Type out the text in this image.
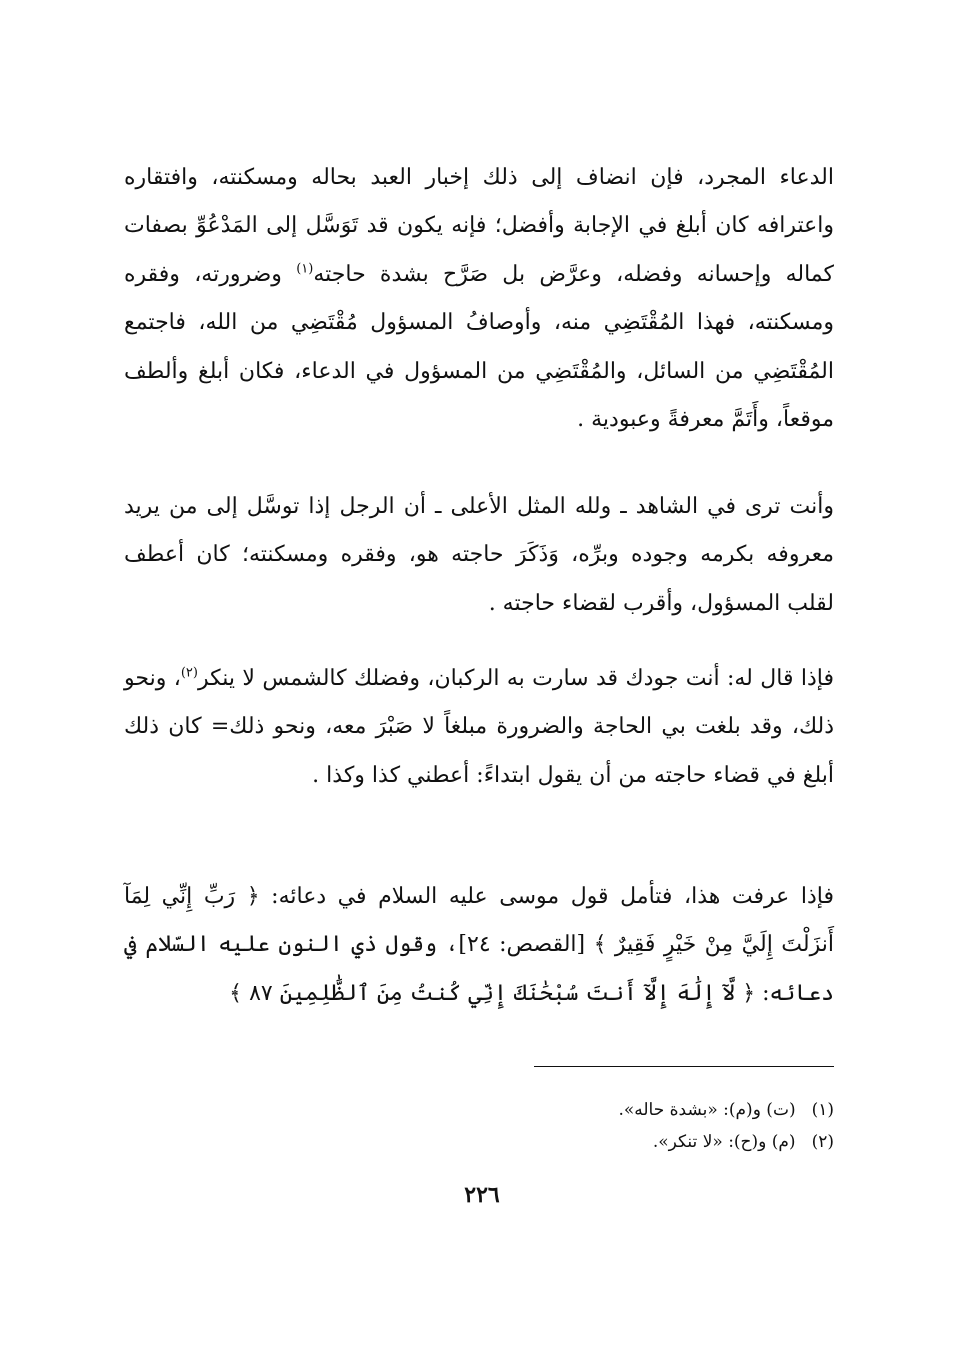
الدعاء المجرد، فإن انضاف إلى ذلك إخبار العبد بحاله ومسكنته، وافتقاره واعترافه كان أبلغ في الإجابة وأفضل؛ فإنه يكون قد تَوَسَّل إلى المَدْعُوِّ بصفات كماله وإحسانه وفضله، وعرَّض بل صَرَّح بشدة حاجته$^{(١)}$ وضرورته، وفقره ومسكنته، فهذا المُقْتَضِي منه، وأوصافُ المسؤول مُقْتَضِي من الله، فاجتمع المُقْتَضِي من السائل، والمُقْتَضِي من المسؤول في الدعاء، فكان أبلغ وألطف موقعاً، وأَتَمَّ معرفةً وعبودية .

وأنت ترى في الشاهد ـ ولله المثل الأعلى ـ أن الرجل إذا توسَّل إلى من يريد معروفه بكرمه وجوده وبرِّه، وَذَكَرَ حاجته هو، وفقره ومسكنته؛ كان أعطف لقلب المسؤول، وأقرب لقضاء حاجته .

فإذا قال له: أنت جودك قد سارت به الركبان، وفضلك كالشمس لا ينكر$^{(٢)}$، ونحو ذلك، وقد بلغت بي الحاجة والضرورة مبلغاً لا صَبْرَ معه، ونحو ذلك= كان ذلك أبلغ في قضاء حاجته من أن يقول ابتداءً: أعطني كذا وكذا .

فإذا عرفت هذا، فتأمل قول موسى عليه السلام في دعائه: ﴿ رَبِّ إِنِّي لِمَآ أَنزَلْتَ إِلَيَّ مِنْ خَيْرٍ فَقِيرٌ ﴾ [القصص: ٢٤]، وقول ذي النون عليه السّلام في دعائه: ﴿ لَّآ إِلَٰهَ إِلَّآ أَنتَ سُبْحَٰنَكَ إِنِّي كُنتُ مِنَ ٱلظَّٰلِمِينَ ٨٧ ﴾

(١)(ت) و(م): «بشدة حاله».
(٢)(م) و(ح): «لا تنكر».
٢٢٦
